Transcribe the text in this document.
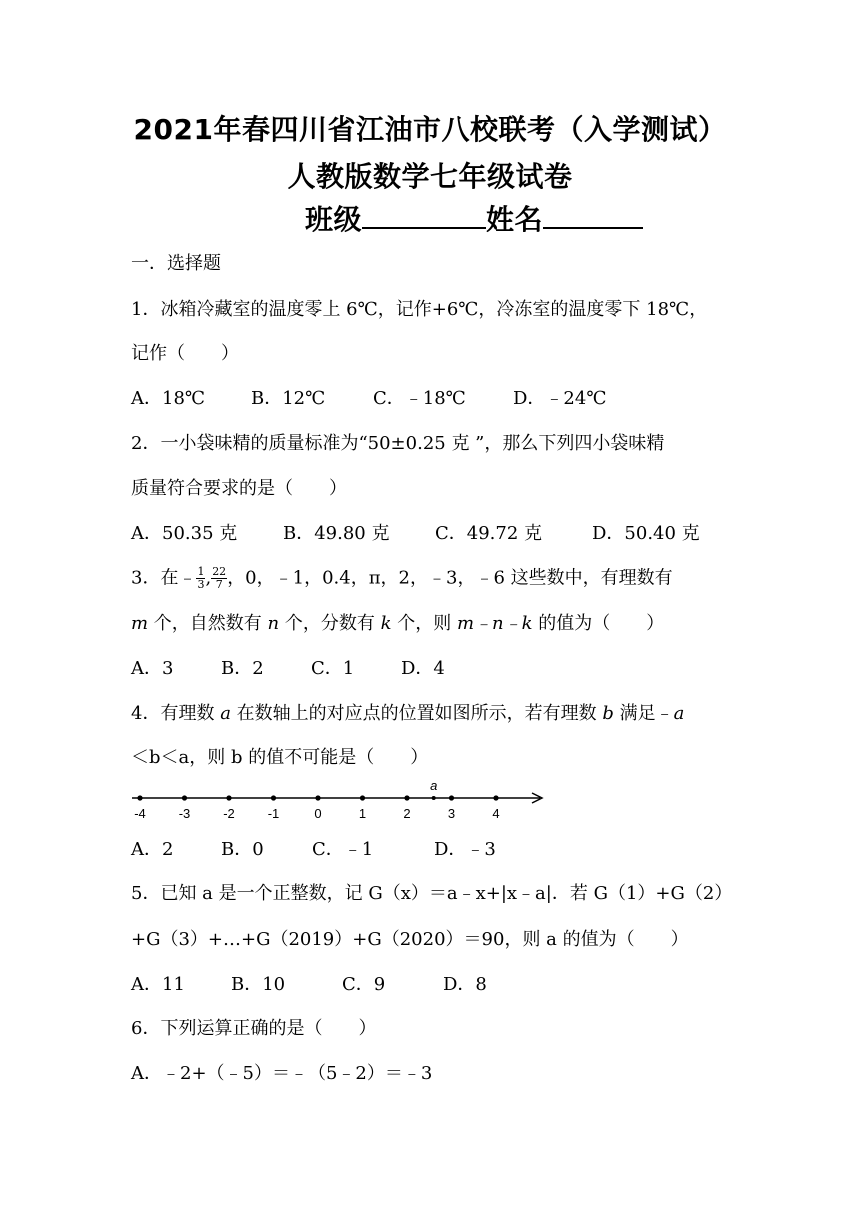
2021年春四川省江油市八校联考（入学测试）
人教版数学七年级试卷
班级	姓名
一．选择题
1．冰箱冷藏室的温度零上 6℃，记作+6℃，冷冻室的温度零下 18℃，
记作（　　）
A．18℃	B．12℃	C．﹣18℃	D．﹣24℃
2．一小袋味精的质量标准为“50±0.25 克 ”，那么下列四小袋味精
质量符合要求的是（　　）
A．50.35 克	B．49.80 克	C．49.72 克	D．50.40 克
3．在﹣ $\frac{1}{3}$ , $\frac{22}{7}$ ，0，﹣1，0.4，π，2，﹣3，﹣6 这些数中，有理数有
m 个，自然数有 n 个，分数有 k 个，则 m﹣n﹣k 的值为（　　）
A．3	B．2	C．1	D．4
4．有理数 a 在数轴上的对应点的位置如图所示，若有理数 b 满足﹣a
＜b＜a，则 b 的值不可能是（　　）
-4	-3	-2	-1	0	1	2	3	4
a
A．2	B．0	C．﹣1	D．﹣3
5．已知 a 是一个正整数，记 G（x）＝a﹣x+|x﹣a|．若 G（1）+G（2）
+G（3）+…+G（2019）+G（2020）＝90，则 a 的值为（　　）
A．11	B．10	C．9	D．8
6．下列运算正确的是（　　）
A．﹣2+（﹣5）＝﹣（5﹣2）＝﹣3
